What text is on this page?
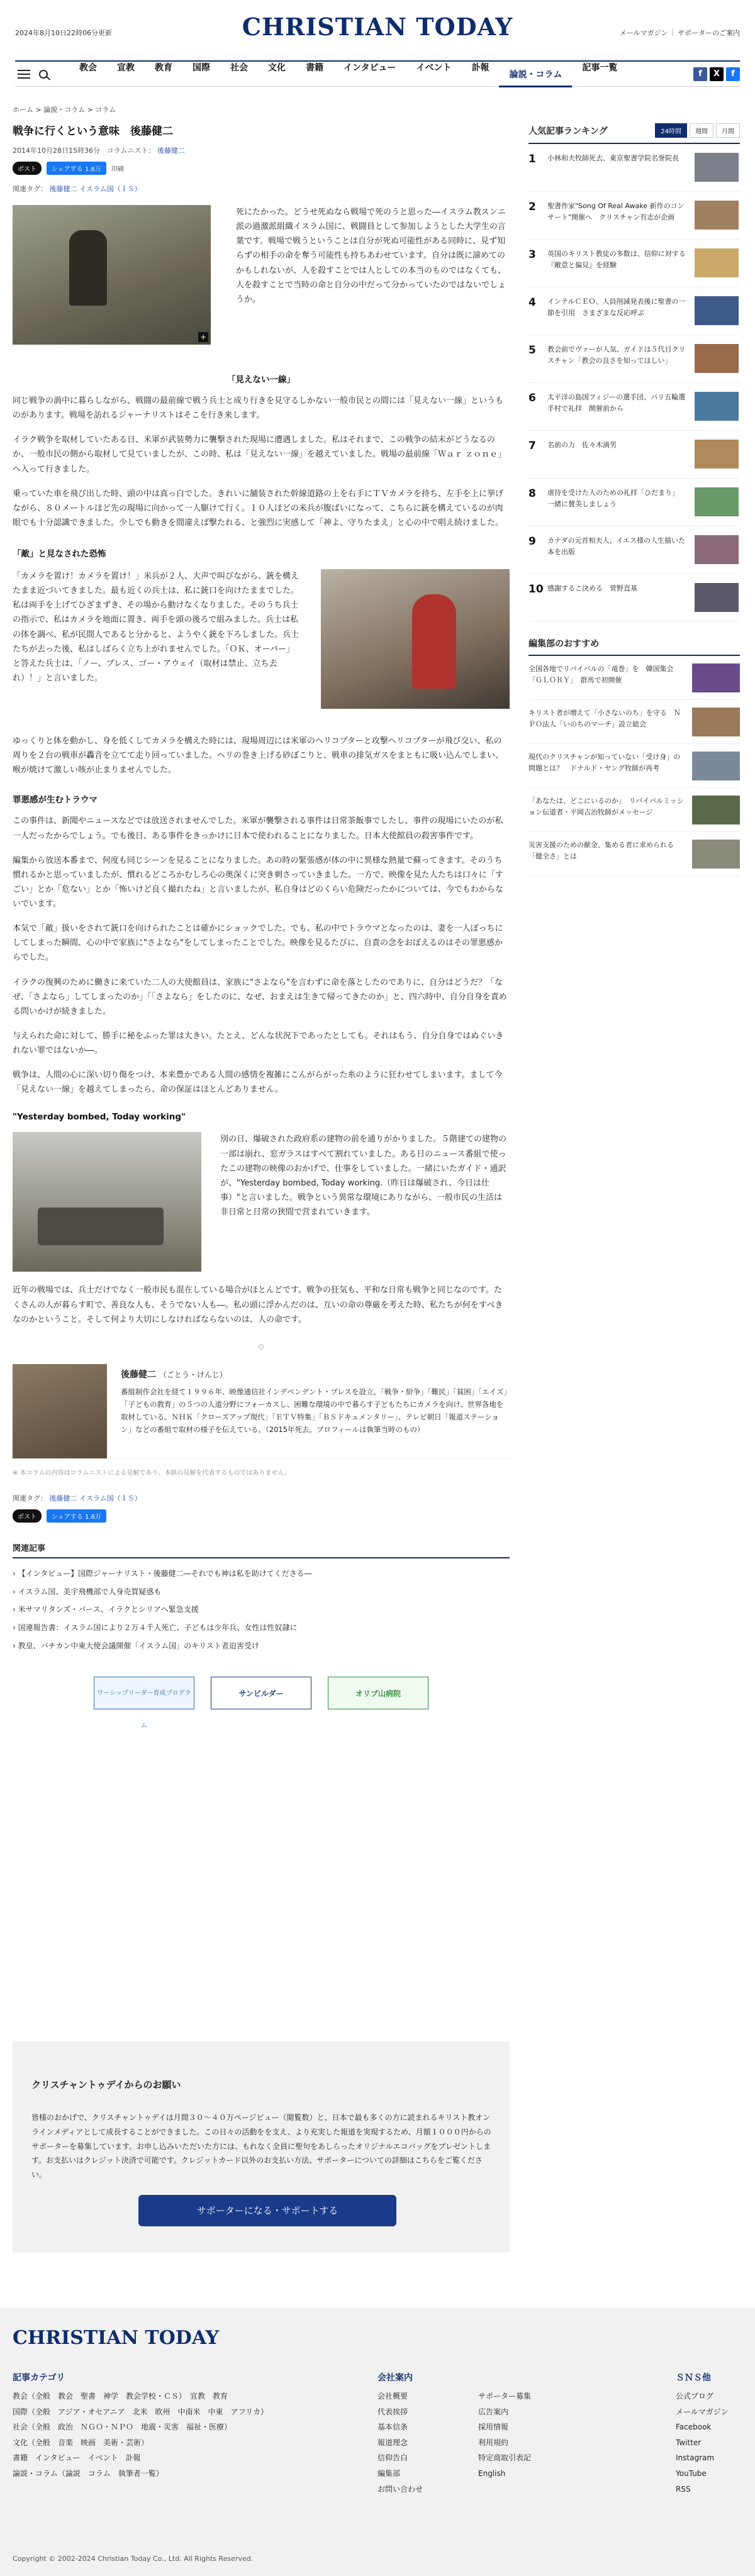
2024年8月10日22時06分更新	CHRISTIAN TODAY	メールマガジン | サポーターのご案内
教会	宣教	教育	国際	社会	文化	書籍	インタビュー	イベント	訃報
論説・コラム
記事一覧
f	X	f
ホーム > 論説・コラム > コラム
戦争に行くという意味　後藤健二
2014年10月28日15時36分 コラムニスト： 後藤健二
ポスト	シェアする 1.6万	印刷
関連タグ： 後藤健二 イスラム国（ＩＳ）
+

死にたかった。どうせ死ぬなら戦場で死のうと思った―イスラム教スンニ派の過激派組織イスラム国に、戦闘員として参加しようとした大学生の言葉です。戦場で戦うということは自分が死ぬ可能性がある同時に、見ず知らずの相手の命を奪う可能性も持ちあわせています。自分は既に諦めてのかもしれないが、人を殺すことでは人としての本当のものではなくても、人を殺すことで当時の命と自分の中だって分かっていたのではないでしょうか。

「見えない一線」

同じ戦争の渦中に暮らしながら、戦闘の最前線で戦う兵士と成り行きを見守るしかない一般市民との間には「見えない一線」というものがあります。戦場を訪れるジャーナリストはそこを行き来します。

イラク戦争を取材していたある日、米軍が武装勢力に襲撃された現場に遭遇しました。私はそれまで、この戦争の結末がどうなるのか、一般市民の側から取材して見ていましたが、この時、私は「見えない一線」を越えていました。戦場の最前線「Ｗａｒ ｚｏｎｅ」へ入って行きました。

乗っていた車を飛び出した時、頭の中は真っ白でした。きれいに舗装された幹線道路の上を右手にＴＶカメラを持ち、左手を上に挙げながら、８０メートルほど先の現場に向かって一人駆けて行く。１０人ほどの米兵が腹ばいになって、こちらに銃を構えているのが肉眼でも十分認識できました。少しでも動きを間違えば撃たれる、と強烈に実感して「神よ、守りたまえ」と心の中で唱え続けました。

「敵」と見なされた恐怖

「カメラを置け！カメラを置け！」米兵が２人、大声で叫びながら、銃を構えたまま近づいてきました。最も近くの兵士は、私に銃口を向けたままでした。私は両手を上げてひざまずき、その場から動けなくなりました。そのうち兵士の指示で、私はカメラを地面に置き、両手を頭の後ろで組みました。兵士は私の体を調べ、私が民間人であると分かると、ようやく銃を下ろしました。兵士たちが去った後、私はしばらく立ち上がれませんでした。「ＯＫ、オーバー」と答えた兵士は、「ノー、プレス、ゴー・アウェイ（取材は禁止、立ち去れ）！」と言いました。

ゆっくりと体を動かし、身を低くしてカメラを構えた時には、現場周辺には米軍のヘリコプターと攻撃ヘリコプターが飛び交い、私の周りを２台の戦車が轟音を立てて走り回っていました。ヘリの巻き上げる砂ぼこりと、戦車の排気ガスをまともに吸い込んでしまい、喉が焼けて激しい咳が止まりませんでした。

罪悪感が生むトラウマ

この事件は、新聞やニュースなどでは放送されませんでした。米軍が襲撃される事件は日常茶飯事でしたし、事件の現場にいたのが私一人だったからでしょう。でも後日、ある事件をきっかけに日本で使われることになりました。日本大使館員の殺害事件です。

編集から放送本番まで、何度も同じシーンを見ることになりました。あの時の緊張感が体の中に異様な熱量で蘇ってきます。そのうち慣れるかと思っていましたが、慣れるどころかむしろ心の奥深くに突き刺さっていきました。一方で、映像を見た人たちは口々に「すごい」とか「危ない」とか「怖いけど良く撮れたね」と言いましたが、私自身はどのくらい危険だったかについては、今でもわからないでいます。

本気で「敵」扱いをされて銃口を向けられたことは確かにショックでした。でも、私の中でトラウマとなったのは、妻を一人ぼっちにしてしまった瞬間、心の中で家族に"さよなら"をしてしまったことでした。映像を見るたびに、自責の念をおぼえるのはその罪悪感からでした。

イラクの復興のために働きに来ていた二人の大使館員は、家族に"さよなら"を言わずに命を落としたのでありに、自分はどうだ？「なぜ、「さよなら」してしまったのか」「「さよなら」をしたのに、なぜ、おまえは生きて帰ってきたのか」と、四六時中、自分自身を責める問いかけが続きました。

与えられた命に対して、勝手に秘をふった罪は大きい。たとえ、どんな状況下であったとしても。それはもう、自分自身ではぬぐいきれない罪ではないか―。

戦争は、人間の心に深い切り傷をつけ、本来豊かである人間の感情を複雑にこんがらがった糸のように狂わせてしまいます。まして今「見えない一線」を越えてしまったら、命の保証はほとんどありません。

"Yesterday bombed, Today working"

別の日、爆破された政府系の建物の前を通りがかりました。５階建ての建物の一部は崩れ、窓ガラスはすべて割れていました。ある日のニュース番組で使ったこの建物の映像のおかげで、仕事をしていました。一緒にいたガイド・通訳が、"Yesterday bombed, Today working.（昨日は爆破され、今日は仕事）"と言いました。戦争という異常な環境にありながら、一般市民の生活は非日常と日常の狭間で営まれていきます。

近年の戦場では、兵士だけでなく一般市民も混在している場合がほとんどです。戦争の狂気も、平和な日常も戦争と同じなのです。たくさんの人が暮らす町で、善良な人も、そうでない人も―。私の頭に浮かんだのは、互いの命の尊厳を考えた時、私たちが何をすべきなのかということ。そして何より大切にしなければならないのは、人の命です。

◇
後藤健二 （ごとう・けんじ）

番組制作会社を経て１９９６年、映像通信社インデペンデント・プレスを設立。「戦争・紛争」「難民」「貧困」「エイズ」「子どもの教育」の５つの人道分野にフォーカスし、困難な環境の中で暮らす子どもたちにカメラを向け、世界各地を取材している。ＮＨＫ「クローズアップ現代」「ＥＴＶ特集」「ＢＳドキュメンタリー」、テレビ朝日「報道ステーション」などの番組で取材の様子を伝えている。（2015年死去。プロフィールは執筆当時のもの）

※ 本コラムの内容はコラムニストによる見解であり、本紙の見解を代表するものではありません。

関連タグ： 後藤健二 イスラム国（ＩＳ）
ポスト	シェアする 1.6万
関連記事
› 【インタビュー】国際ジャーナリスト・後藤健二―それでも神は私を助けてくださる―
› イスラム国、美宇飛機部で人身売買疑惑も
› 米サマリタンズ・パース、イラクとシリアへ緊急支援
› 国連報告書：イスラム国により２万４千人死亡、子どもは少年兵、女性は性奴隷に
› 教皇、バチカン中東大使会議開催「イスラム国」のキリスト者迫害受け
ワーシップリーダー育成プログラム
サンビルダー	オリブ山病院
人気記事ランキング	24時間	週間	月間
1	小林和夫牧師死去、東京聖書学院名誉院長
2	聖書作家"Song Of Real Awake 新作のコンサート"開催へ　クリスチャン有志が企画
3	英国のキリスト教徒の多数は、信仰に対する『敵意と偏見』を経験
4	インテルＣＥＯ、人員削減発表後に聖書の一節を引用　さまざまな反応呼ぶ
5	教会前でヴァーが人気、ガイドは５代目クリスチャン「教会の良さを知ってほしい」
6	太平洋の島国フィジーの選手団、パリ五輪選手村で礼拝　開催前から
7	名前の力　佐々木満男
8	虐待を受けた人のための礼拝「ひだまり」　一緒に賛美しましょう
9	カナダの元首相夫人、イエス様の人生描いた本を出版
10 感謝するこ決める　菅野直基
編集部のおすすめ
全国各地でリバイバルの「竜巻」を　韓国集会「ＧＬＯＲＹ」　群馬で初開催
キリスト者が増えて「小さないのち」を守る　ＮＰＯ法人「いのちのマーチ」設立総会
現代のクリスチャンが知っていない「受け身」の問題とは？　ドナルド・ヤング牧師が再考
「あなたは、どこにいるのか」　リバイバルミッション伝道者・平岡吉治牧師がメッセージ
災害支援のための献金、集める者に求められる「健全さ」とは
クリスチャントゥデイからのお願い

皆様のおかげで、クリスチャントゥデイは月間３０〜４０万ページビュー（閲覧数）と、日本で最も多くの方に読まれるキリスト教オンラインメディアとして成長することができました。この日々の活動をを支え、より充実した報道を実現するため、月額１０００円からのサポーターを募集しています。お申し込みいただいた方には、もれなく全員に聖句をあしらったオリジナルエコバッグをプレゼントします。お支払いはクレジット決済で可能です。クレジットカード以外のお支払い方法、サポーターについての詳細はこちらをご覧ください。

サポーターになる・サポートする
CHRISTIAN TODAY
記事カテゴリ
教会（全般　教会　聖書　神学　教会学校・ＣＳ）　宣教　教育
国際（全般　アジア・オセアニア　北米　欧州　中南米　中東　アフリカ）
社会（全般　政治　ＮＧＯ・ＮＰＯ　地震・災害　福祉・医療）
文化（全般　音楽　映画　美術・芸術）
書籍　インタビュー　イベント　訃報
論説・コラム（論説　コラム　執筆者一覧）
会社案内
会社概要
代表挨拶
基本信条
報道理念
信仰告白
編集部
お問い合わせ
サポーター募集
広告案内
採用情報
利用規約
特定商取引表記
English
ＳＮＳ他
公式ブログ
メールマガジン
Facebook
Twitter
Instagram
YouTube
RSS
Copyright © 2002-2024 Christian Today Co., Ltd. All Rights Reserved.
